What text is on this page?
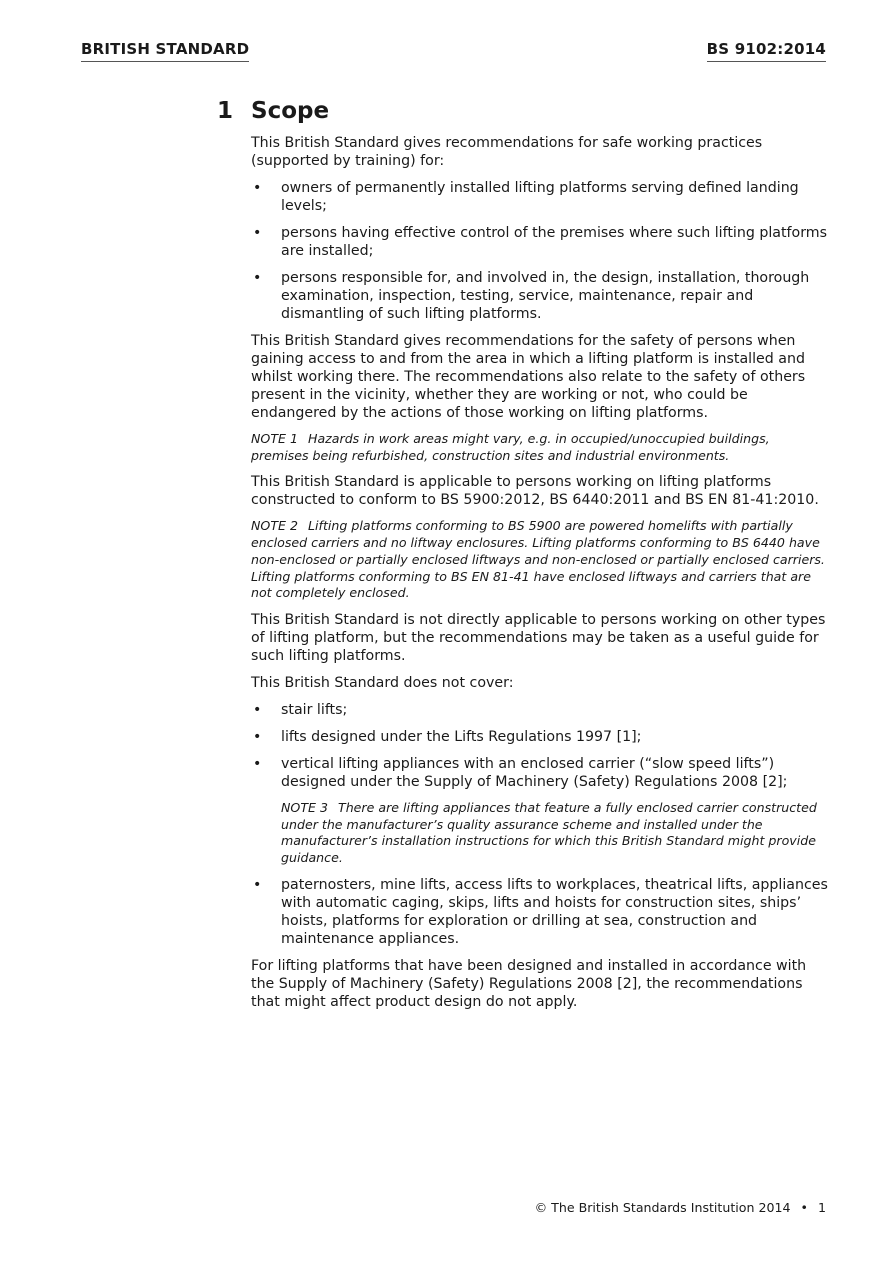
BRITISH STANDARD	BS 9102:2014
1 Scope

This British Standard gives recommendations for safe working practices (supported by training) for:

• owners of permanently installed lifting platforms serving defined landing levels;
• persons having effective control of the premises where such lifting platforms are installed;
• persons responsible for, and involved in, the design, installation, thorough examination, inspection, testing, service, maintenance, repair and dismantling of such lifting platforms.

This British Standard gives recommendations for the safety of persons when gaining access to and from the area in which a lifting platform is installed and whilst working there. The recommendations also relate to the safety of others present in the vicinity, whether they are working or not, who could be endangered by the actions of those working on lifting platforms.

NOTE 1 Hazards in work areas might vary, e.g. in occupied/unoccupied buildings, premises being refurbished, construction sites and industrial environments.

This British Standard is applicable to persons working on lifting platforms constructed to conform to BS 5900:2012, BS 6440:2011 and BS EN 81-41:2010.

NOTE 2 Lifting platforms conforming to BS 5900 are powered homelifts with partially enclosed carriers and no liftway enclosures. Lifting platforms conforming to BS 6440 have non-enclosed or partially enclosed liftways and non-enclosed or partially enclosed carriers. Lifting platforms conforming to BS EN 81-41 have enclosed liftways and carriers that are not completely enclosed.

This British Standard is not directly applicable to persons working on other types of lifting platform, but the recommendations may be taken as a useful guide for such lifting platforms.

This British Standard does not cover:

• stair lifts;
• lifts designed under the Lifts Regulations 1997 [1];
• vertical lifting appliances with an enclosed carrier (“slow speed lifts”) designed under the Supply of Machinery (Safety) Regulations 2008 [2];

NOTE 3 There are lifting appliances that feature a fully enclosed carrier constructed under the manufacturer’s quality assurance scheme and installed under the manufacturer’s installation instructions for which this British Standard might provide guidance.

• paternosters, mine lifts, access lifts to workplaces, theatrical lifts, appliances with automatic caging, skips, lifts and hoists for construction sites, ships’ hoists, platforms for exploration or drilling at sea, construction and maintenance appliances.

For lifting platforms that have been designed and installed in accordance with the Supply of Machinery (Safety) Regulations 2008 [2], the recommendations that might affect product design do not apply.

© The British Standards Institution 2014 • 1
